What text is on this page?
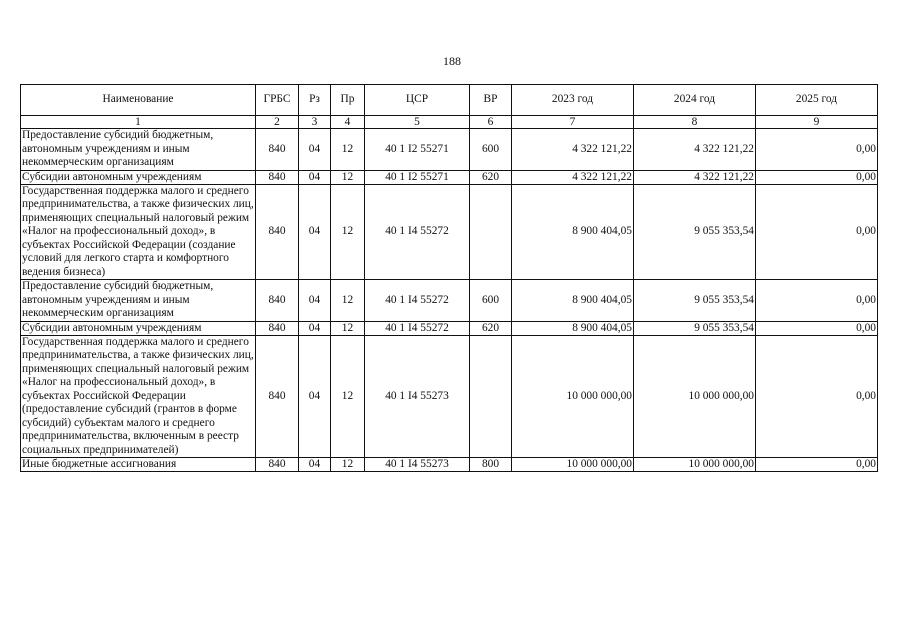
188
Наименование	ГРБС	Рз	Пр	ЦСР	ВР	2023 год	2024 год	2025 год
1	2	3	4	5	6	7	8	9
Предоставление субсидий бюджетным, автономным учреждениям и иным некоммерческим организациям	840	04	12	40 1 I2 55271	600	4 322 121,22	4 322 121,22	0,00
Субсидии автономным учреждениям	840	04	12	40 1 I2 55271	620	4 322 121,22	4 322 121,22	0,00
Государственная поддержка малого и среднего предпринимательства, а также физических лиц, применяющих специальный налоговый режим «Налог на профессиональный доход», в субъектах Российской Федерации (создание условий для легкого старта и комфортного ведения бизнеса)	840	04	12	40 1 I4 55272		8 900 404,05	9 055 353,54	0,00
Предоставление субсидий бюджетным, автономным учреждениям и иным некоммерческим организациям	840	04	12	40 1 I4 55272	600	8 900 404,05	9 055 353,54	0,00
Субсидии автономным учреждениям	840	04	12	40 1 I4 55272	620	8 900 404,05	9 055 353,54	0,00
Государственная поддержка малого и среднего предпринимательства, а также физических лиц, применяющих специальный налоговый режим «Налог на профессиональный доход», в субъектах Российской Федерации (предоставление субсидий (грантов в форме субсидий) субъектам малого и среднего предпринимательства, включенным в реестр социальных предпринимателей)	840	04	12	40 1 I4 55273		10 000 000,00	10 000 000,00	0,00
Иные бюджетные ассигнования	840	04	12	40 1 I4 55273	800	10 000 000,00	10 000 000,00	0,00
